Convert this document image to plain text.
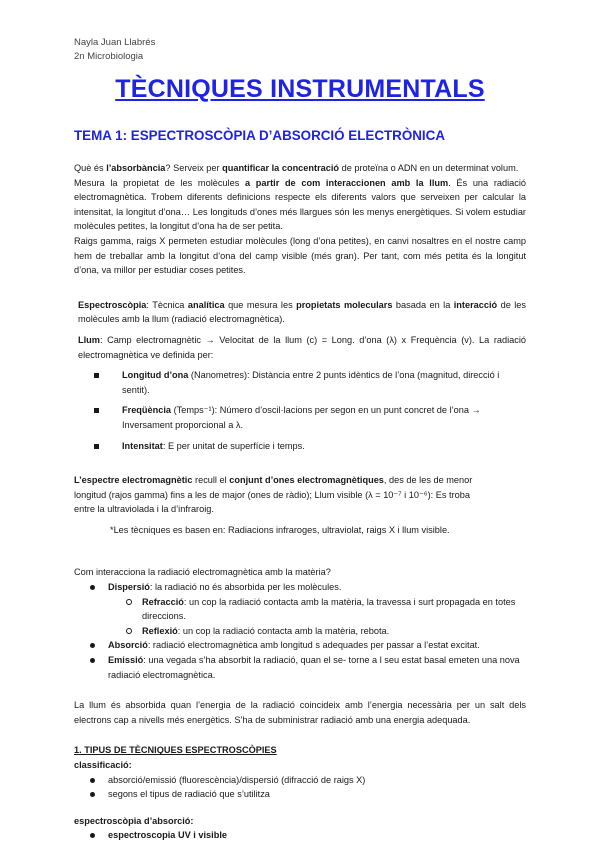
Nayla Juan Llabrés
2n Microbiologia
TÈCNIQUES INSTRUMENTALS
TEMA 1: ESPECTROSCÒPIA D’ABSORCIÓ ELECTRÒNICA

Què és l’absorbància? Serveix per quantificar la concentració de proteïna o ADN en un determinat volum.

Mesura la propietat de les molècules a partir de com interaccionen amb la llum. És una radiació electromagnètica. Trobem diferents definicions respecte els diferents valors que serveixen per calcular la intensitat, la longitut d’ona… Les longituds d’ones més llargues són les menys energètiques. Si volem estudiar molècules petites, la longitut d’ona ha de ser petita.

Raigs gamma, raigs X permeten estudiar molècules (long d’ona petites), en canvi nosaltres en el nostre camp hem de treballar amb la longitut d’ona del camp visible (més gran). Per tant, com més petita és la longitut d’ona, va millor per estudiar coses petites.

Espectroscòpia: Tècnica analítica que mesura les propietats moleculars basada en la interacció de les molècules amb la llum (radiació electromagnètica).

Llum: Camp electromagnètic → Velocitat de la llum (c) = Long. d’ona (λ) x Frequència (v). La radiació electromagnètica ve definida per:

Longitud d’ona (Nanometres): Distància entre 2 punts idèntics de l’ona (magnitud, direcció i sentit).
Freqüència (Temps⁻¹): Número d’oscil·lacions per segon en un punt concret de l’ona → Inversament proporcional a λ.
Intensitat: E per unitat de superfície i temps.

L’espectre electromagnètic recull el conjunt d’ones electromagnètiques, des de les de menor

longitud (rajos gamma) fins a les de major (ones de ràdio); Llum visible (λ = 10⁻⁷ i 10⁻⁶): Es troba

entre la ultraviolada i la d’infraroig.

*Les tècniques es basen en: Radiacions infraroges, ultraviolat, raigs X i llum visible.

Com interacciona la radiació electromagnètica amb la matèria?

Dispersió: la radiació no és absorbida per les molècules.
Refracció: un cop la radiació contacta amb la matèria, la travessa i surt propagada en totes direccions.
Reflexió: un cop la radiació contacta amb la matèria, rebota.
Absorció: radiació electromagnètica amb longitud s adequades per passar a l’estat excitat.
Emissió: una vegada s’ha absorbit la radiació, quan el se- torne a l seu estat basal emeten una nova radiació electromagnètica.

La llum és absorbida quan l’energia de la radiació coincideix amb l’energia necessària per un salt dels electrons cap a nivells més energètics. S’ha de subministrar radiació amb una energia adequada.

1. TIPUS DE TÈCNIQUES ESPECTROSCÒPIES

classificació:

absorció/emissió (fluorescència)/dispersió (difracció de raigs X)
segons el tipus de radiació que s’utilitza

espectroscòpia d’absorció:

espectroscopia UV i visible
